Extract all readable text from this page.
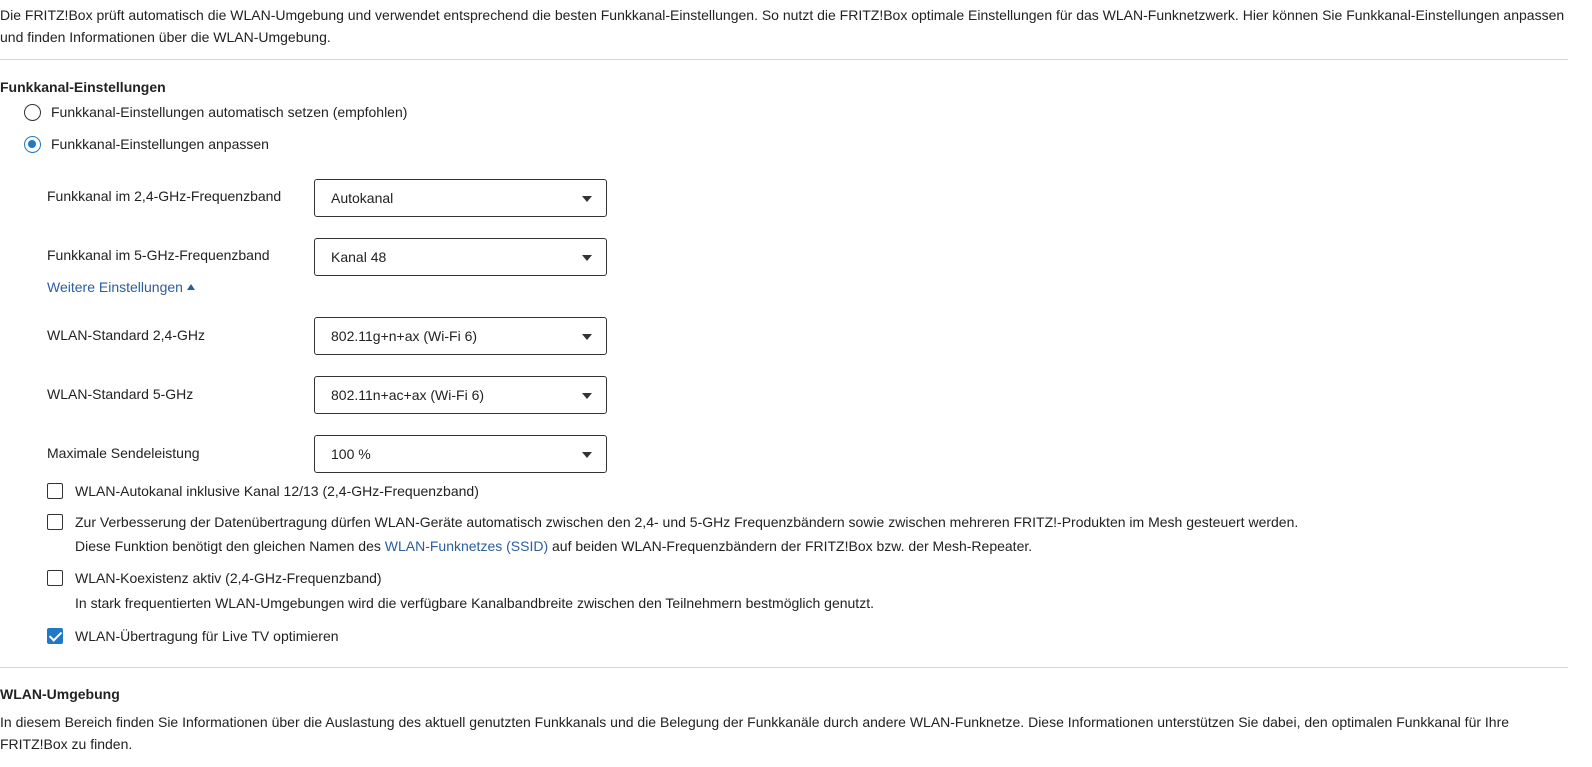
Die FRITZ!Box prüft automatisch die WLAN-Umgebung und verwendet entsprechend die besten Funkkanal-Einstellungen. So nutzt die FRITZ!Box optimale Einstellungen für das WLAN-Funknetzwerk. Hier können Sie Funkkanal-Einstellungen anpassen und finden Informationen über die WLAN-Umgebung.
Funkkanal-Einstellungen
Funkkanal-Einstellungen automatisch setzen (empfohlen)
Funkkanal-Einstellungen anpassen
Funkkanal im 2,4-GHz-Frequenzband	Autokanal
Funkkanal im 5-GHz-Frequenzband	Kanal 48
Weitere Einstellungen
WLAN-Standard 2,4-GHz	802.11g+n+ax (Wi-Fi 6)
WLAN-Standard 5-GHz	802.11n+ac+ax (Wi-Fi 6)
Maximale Sendeleistung	100 %
WLAN-Autokanal inklusive Kanal 12/13 (2,4-GHz-Frequenzband)
Zur Verbesserung der Datenübertragung dürfen WLAN-Geräte automatisch zwischen den 2,4- und 5-GHz Frequenzbändern sowie zwischen mehreren FRITZ!-Produkten im Mesh gesteuert werden.
Diese Funktion benötigt den gleichen Namen des WLAN-Funknetzes (SSID) auf beiden WLAN-Frequenzbändern der FRITZ!Box bzw. der Mesh-Repeater.
WLAN-Koexistenz aktiv (2,4-GHz-Frequenzband)
In stark frequentierten WLAN-Umgebungen wird die verfügbare Kanalbandbreite zwischen den Teilnehmern bestmöglich genutzt.
WLAN-Übertragung für Live TV optimieren
WLAN-Umgebung
In diesem Bereich finden Sie Informationen über die Auslastung des aktuell genutzten Funkkanals und die Belegung der Funkkanäle durch andere WLAN-Funknetze. Diese Informationen unterstützen Sie dabei, den optimalen Funkkanal für Ihre FRITZ!Box zu finden.
